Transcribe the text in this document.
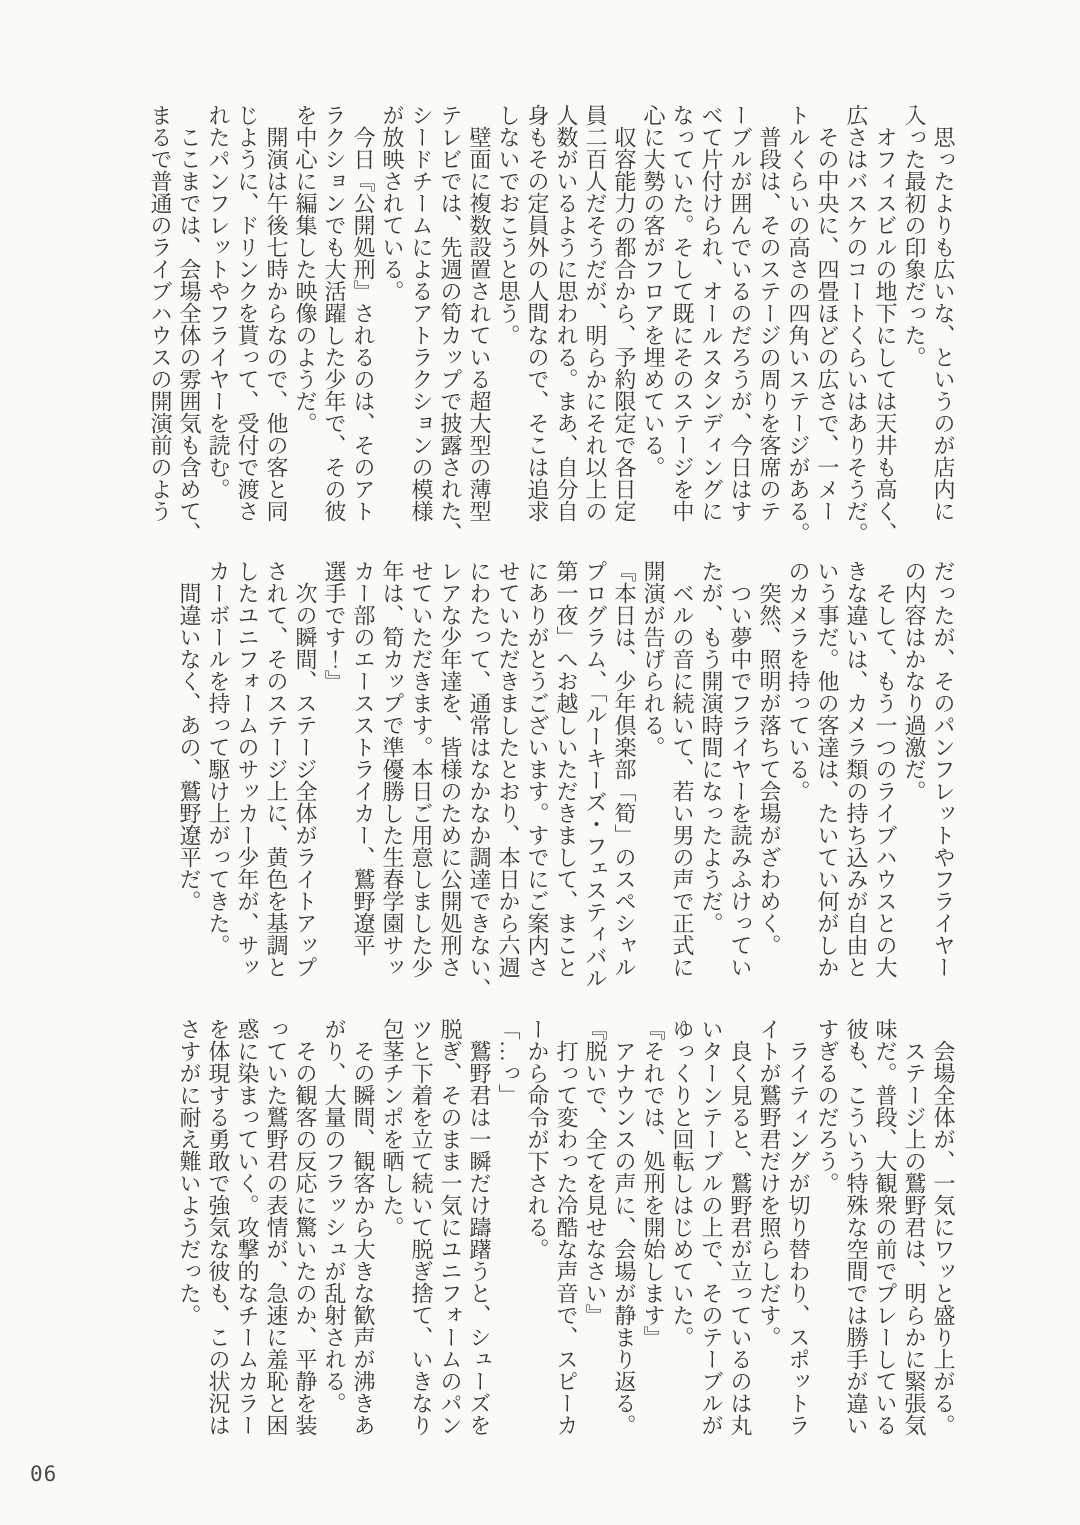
　思ったよりも広いな、というのが店内に

入った最初の印象だった。

　オフィスビルの地下にしては天井も高く、

広さはバスケのコートくらいはありそうだ。

　その中央に、四畳ほどの広さで、一メー

トルくらいの高さの四角いステージがある。

　普段は、そのステージの周りを客席のテ

ーブルが囲んでいるのだろうが、今日はす

べて片付けられ、オールスタンディングに

なっていた。そして既にそのステージを中

心に大勢の客がフロアを埋めている。

　収容能力の都合から、予約限定で各日定

員二百人だそうだが、明らかにそれ以上の

人数がいるように思われる。まあ、自分自

身もその定員外の人間なので、そこは追求

しないでおこうと思う。

　壁面に複数設置されている超大型の薄型

テレビでは、先週の筍カップで披露された、

シードチームによるアトラクションの模様

が放映されている。

　今日『公開処刑』されるのは、そのアト

ラクションでも大活躍した少年で、その彼

を中心に編集した映像のようだ。

　開演は午後七時からなので、他の客と同

じように、ドリンクを貰って、受付で渡さ

れたパンフレットやフライヤーを読む。

　ここまでは、会場全体の雰囲気も含めて、

まるで普通のライブハウスの開演前のよう

だったが、そのパンフレットやフライヤー

の内容はかなり過激だ。

　そして、もう一つのライブハウスとの大

きな違いは、カメラ類の持ち込みが自由と

いう事だ。他の客達は、たいてい何がしか

のカメラを持っている。

　突然、照明が落ちて会場がざわめく。

　つい夢中でフライヤーを読みふけってい

たが、もう開演時間になったようだ。

　ベルの音に続いて、若い男の声で正式に

開演が告げられる。

『本日は、少年倶楽部「筍」のスペシャル

プログラム、「ルーキーズ・フェスティバル

第一夜」へお越しいただきまして、まこと

にありがとうございます。すでにご案内さ

せていただきましたとおり、本日から六週

にわたって、通常はなかなか調達できない、

レアな少年達を、皆様のために公開処刑さ

せていただきます。本日ご用意しました少

年は、筍カップで準優勝した生春学園サッ

カー部のエースストライカー、鷲野遼平

選手です！』

　次の瞬間、ステージ全体がライトアップ

されて、そのステージ上に、黄色を基調と

したユニフォームのサッカー少年が、サッ

カーボールを持って駆け上がってきた。

　間違いなく、あの、鷲野遼平だ。

　会場全体が、一気にワッと盛り上がる。

　ステージ上の鷲野君は、明らかに緊張気

味だ。普段、大観衆の前でプレーしている

彼も、こういう特殊な空間では勝手が違い

すぎるのだろう。

　ライティングが切り替わり、スポットラ

イトが鷲野君だけを照らしだす。

　良く見ると、鷲野君が立っているのは丸

いターンテーブルの上で、そのテーブルが

ゆっくりと回転しはじめていた。

『それでは、処刑を開始します』

　アナウンスの声に、会場が静まり返る。

『脱いで、全てを見せなさい』

　打って変わった冷酷な声音で、スピーカ

ーから命令が下される。

「…っ」

　鷲野君は一瞬だけ躊躇うと、シューズを

脱ぎ、そのまま一気にユニフォームのパン

ツと下着を立て続いて脱ぎ捨て、いきなり

包茎チンポを晒した。

　その瞬間、観客から大きな歓声が沸きあ

がり、大量のフラッシュが乱射される。

　その観客の反応に驚いたのか、平静を装

っていた鷲野君の表情が、急速に羞恥と困

惑に染まっていく。攻撃的なチームカラー

を体現する勇敢で強気な彼も、この状況は

さすがに耐え難いようだった。

06
